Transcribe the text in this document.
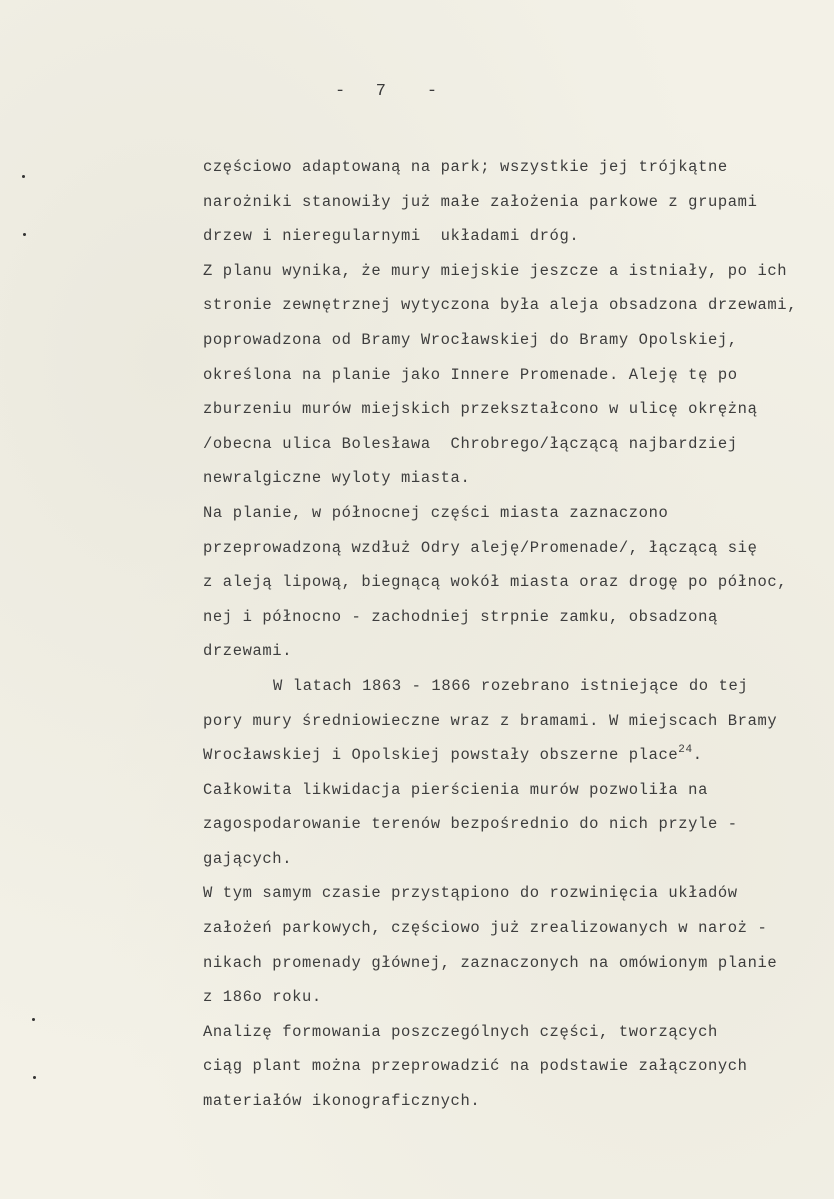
-   7    -
częściowo adaptowaną na park; wszystkie jej trójkątne
narożniki stanowiły już małe założenia parkowe z grupami
drzew i nieregularnymi  układami dróg.
Z planu wynika, że mury miejskie jeszcze a istniały, po ich
stronie zewnętrznej wytyczona była aleja obsadzona drzewami,
poprowadzona od Bramy Wrocławskiej do Bramy Opolskiej,
określona na planie jako Innere Promenade. Aleję tę po
zburzeniu murów miejskich przekształcono w ulicę okrężną
/obecna ulica Bolesława  Chrobrego/łączącą najbardziej
newralgiczne wyloty miasta.
Na planie, w północnej części miasta zaznaczono
przeprowadzoną wzdłuż Odry aleję/Promenade/, łączącą się
z aleją lipową, biegnącą wokół miasta oraz drogę po północ,
nej i północno - zachodniej strpnie zamku, obsadzoną
drzewami.
W latach 1863 - 1866 rozebrano istniejące do tej
pory mury średniowieczne wraz z bramami. W miejscach Bramy
Wrocławskiej i Opolskiej powstały obszerne place$^{24}$.
Całkowita likwidacja pierścienia murów pozwoliła na
zagospodarowanie terenów bezpośrednio do nich przyle -
gających.
W tym samym czasie przystąpiono do rozwinięcia układów
założeń parkowych, częściowo już zrealizowanych w naroż -
nikach promenady głównej, zaznaczonych na omówionym planie
z 186o roku.
Analizę formowania poszczególnych części, tworzących
ciąg plant można przeprowadzić na podstawie załączonych
materiałów ikonograficznych.
